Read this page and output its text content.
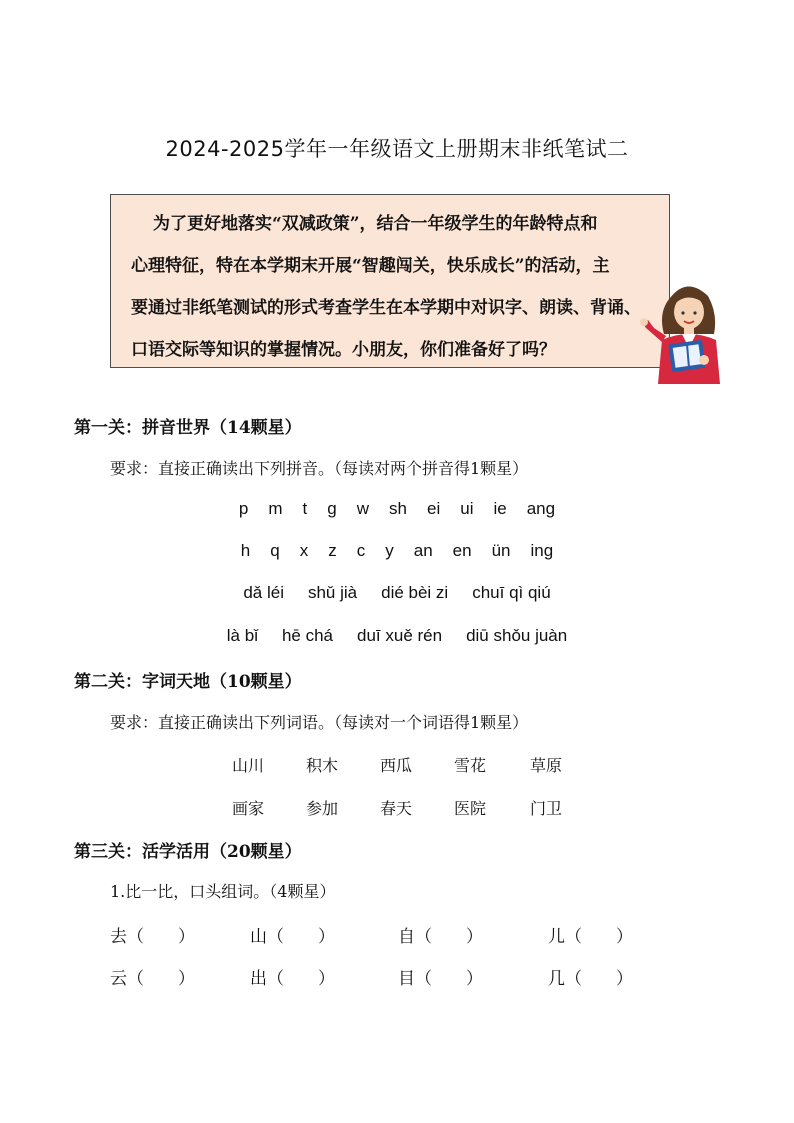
2024-2025学年一年级语文上册期末非纸笔试二
为了更好地落实“双减政策”，结合一年级学生的年龄特点和
心理特征，特在本学期末开展“智趣闯关，快乐成长”的活动，主
要通过非纸笔测试的形式考查学生在本学期中对识字、朗读、背诵、
口语交际等知识的掌握情况。小朋友，你们准备好了吗？
第一关：拼音世界（14颗星）
要求：直接正确读出下列拼音。（每读对两个拼音得1颗星）
p m t g w sh ei ui ie ang
h q x z c y an en ün ing
dǎ léi shǔ jià dié bèi zi chuī qì qiú
là bǐ hē chá duī xuě rén diū shǒu juàn
第二关：字词天地（10颗星）
要求：直接正确读出下列词语。（每读对一个词语得1颗星）
山川	积木	西瓜	雪花	草原
画家	参加	春天	医院	门卫
第三关：活学活用（20颗星）
1.比一比，口头组词。（4颗星）
去（　　）	山（　　）	自（　　）	儿（　　）
云（　　）	出（　　）	目（　　）	几（　　）
